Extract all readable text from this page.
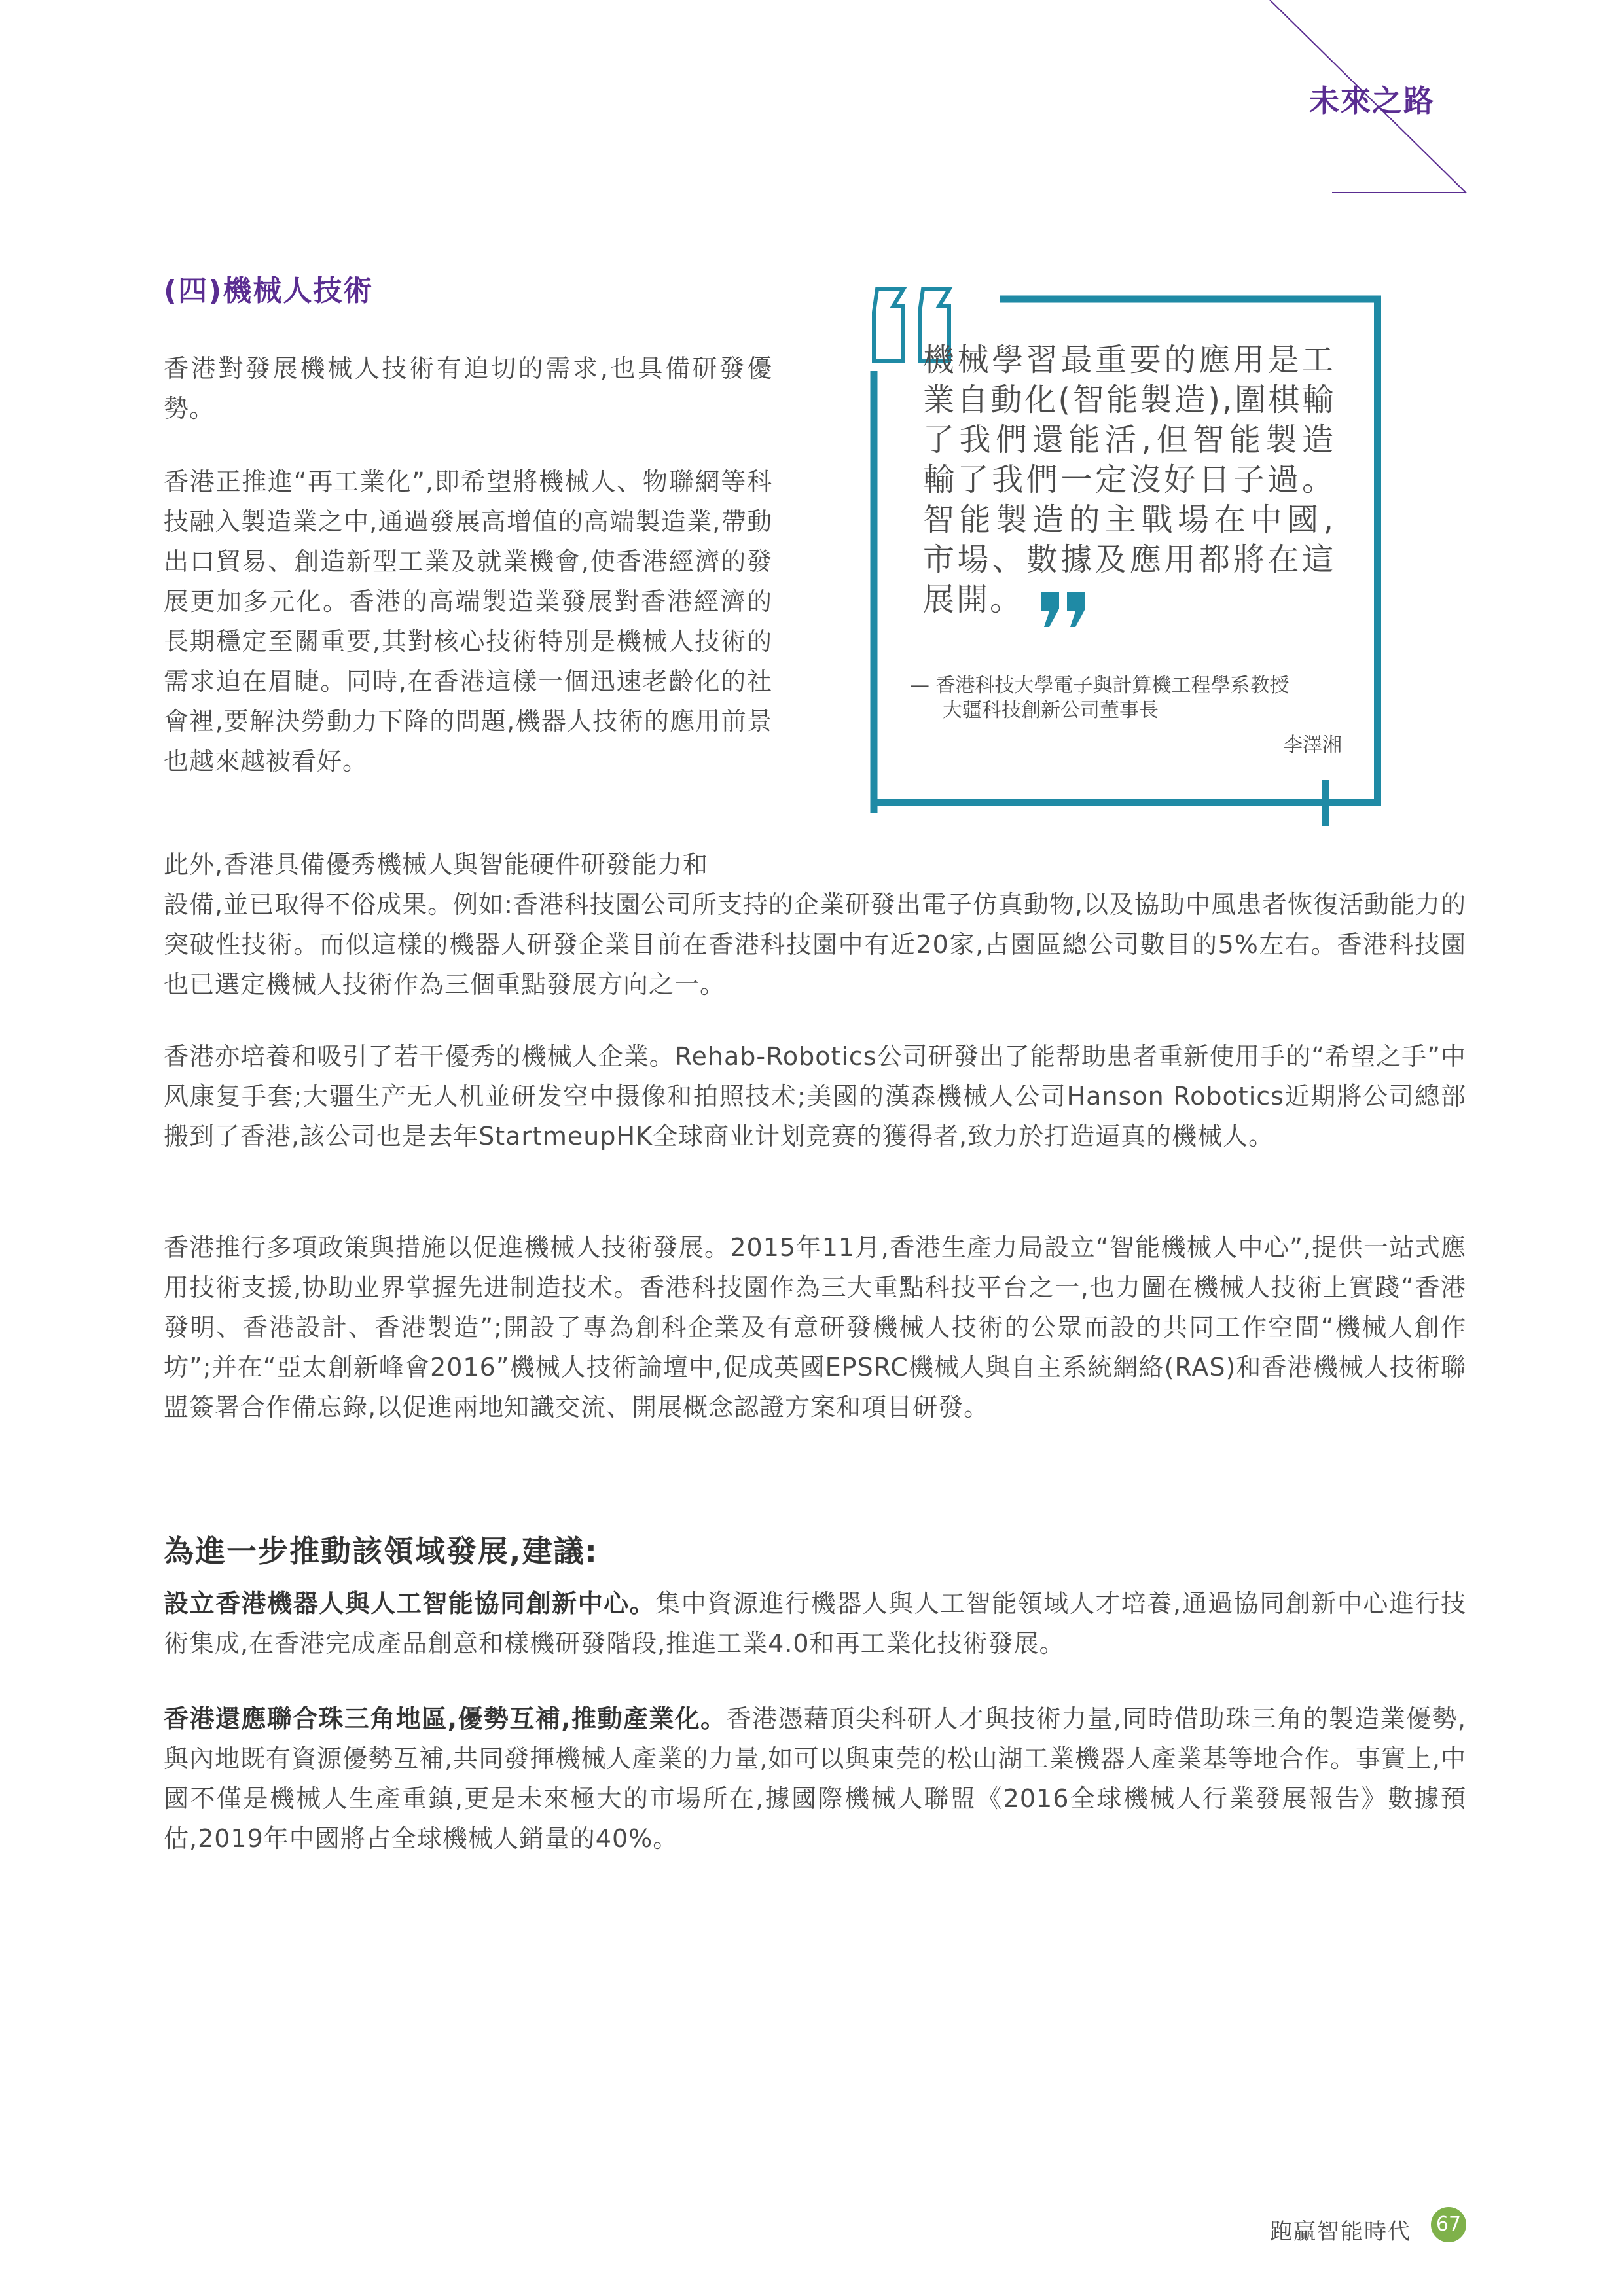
未來之路

(四)機械人技術

香港對發展機械人技術有迫切的需求,也具備研發優勢。

香港正推進“再工業化”,即希望將機械人、物聯網等科技融入製造業之中,通過發展高增值的高端製造業,帶動出口貿易、創造新型工業及就業機會,使香港經濟的發展更加多元化。香港的高端製造業發展對香港經濟的長期穩定至關重要,其對核心技術特別是機械人技術的需求迫在眉睫。同時,在香港這樣一個迅速老齡化的社會裡,要解決勞動力下降的問題,機器人技術的應用前景也越來越被看好。

此外,香港具備優秀機械人與智能硬件研發能力和

設備,並已取得不俗成果。例如:香港科技園公司所支持的企業研發出電子仿真動物,以及協助中風患者恢復活動能力的突破性技術。而似這樣的機器人研發企業目前在香港科技園中有近20家,占園區總公司數目的5%左右。香港科技園也已選定機械人技術作為三個重點發展方向之一。

香港亦培養和吸引了若干優秀的機械人企業。Rehab-Robotics公司研發出了能帮助患者重新使用手的“希望之手”中风康复手套;大疆生产无人机並研发空中摄像和拍照技术;美國的漢森機械人公司Hanson Robotics近期將公司總部搬到了香港,該公司也是去年StartmeupHK全球商业计划竞赛的獲得者,致力於打造逼真的機械人。

香港推行多項政策與措施以促進機械人技術發展。2015年11月,香港生產力局設立“智能機械人中心”,提供一站式應用技術支援,协助业界掌握先进制造技术。香港科技園作為三大重點科技平台之一,也力圖在機械人技術上實踐“香港發明、香港設計、香港製造”;開設了專為創科企業及有意研發機械人技術的公眾而設的共同工作空間“機械人創作坊”;并在“亞太創新峰會2016”機械人技術論壇中,促成英國EPSRC機械人與自主系統網絡(RAS)和香港機械人技術聯盟簽署合作備忘錄,以促進兩地知識交流、開展概念認證方案和項目研發。

機械學習最重要的應用是工業自動化(智能製造),圍棋輸了我們還能活,但智能製造輸了我們一定沒好日子過。智能製造的主戰場在中國,市場、數據及應用都將在這展開。

— 香港科技大學電子與計算機工程學系教授

大疆科技創新公司董事長

李澤湘

為進一步推動該領域發展,建議:

設立香港機器人與人工智能協同創新中心。集中資源進行機器人與人工智能領域人才培養,通過協同創新中心進行技術集成,在香港完成產品創意和樣機研發階段,推進工業4.0和再工業化技術發展。

香港還應聯合珠三角地區,優勢互補,推動產業化。香港憑藉頂尖科研人才與技術力量,同時借助珠三角的製造業優勢,與內地既有資源優勢互補,共同發揮機械人產業的力量,如可以與東莞的松山湖工業機器人產業基等地合作。事實上,中國不僅是機械人生產重鎮,更是未來極大的市場所在,據國際機械人聯盟《2016全球機械人行業發展報告》數據預估,2019年中國將占全球機械人銷量的40%。

跑贏智能時代 67
